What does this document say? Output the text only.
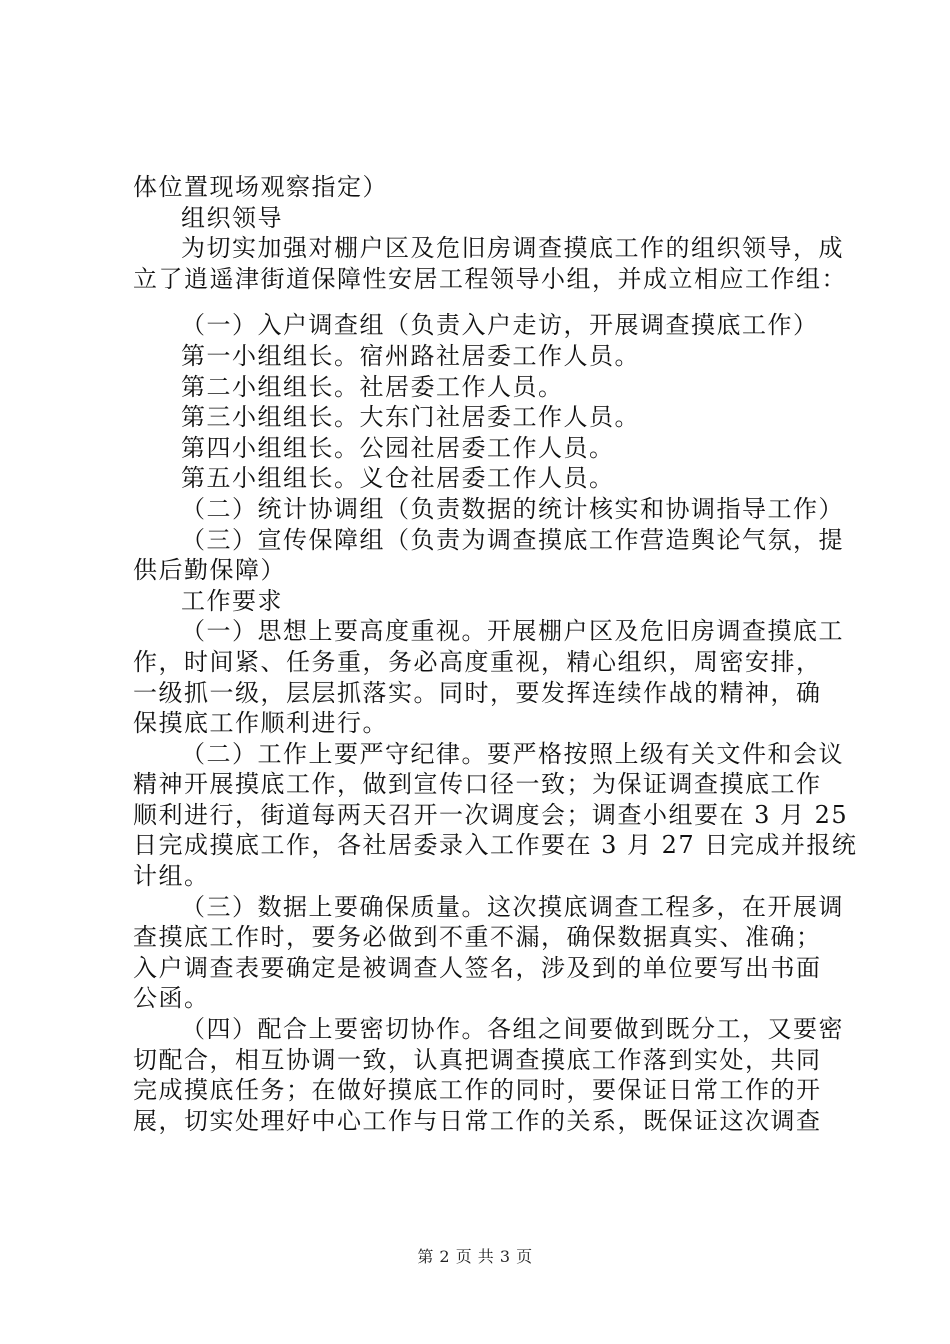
体位置现场观察指定）
组织领导
为切实加强对棚户区及危旧房调查摸底工作的组织领导，成
立了逍遥津街道保障性安居工程领导小组，并成立相应工作组：
（一）入户调查组（负责入户走访，开展调查摸底工作）
第一小组组长。宿州路社居委工作人员。
第二小组组长。社居委工作人员。
第三小组组长。大东门社居委工作人员。
第四小组组长。公园社居委工作人员。
第五小组组长。义仓社居委工作人员。
（二）统计协调组（负责数据的统计核实和协调指导工作）
（三）宣传保障组（负责为调查摸底工作营造舆论气氛，提
供后勤保障）
工作要求
（一）思想上要高度重视。开展棚户区及危旧房调查摸底工
作，时间紧、任务重，务必高度重视，精心组织，周密安排，
一级抓一级，层层抓落实。同时，要发挥连续作战的精神，确
保摸底工作顺利进行。
（二）工作上要严守纪律。要严格按照上级有关文件和会议
精神开展摸底工作，做到宣传口径一致；为保证调查摸底工作
顺利进行，街道每两天召开一次调度会；调查小组要在 3 月 25
日完成摸底工作，各社居委录入工作要在 3 月 27 日完成并报统
计组。
（三）数据上要确保质量。这次摸底调查工程多，在开展调
查摸底工作时，要务必做到不重不漏，确保数据真实、准确；
入户调查表要确定是被调查人签名，涉及到的单位要写出书面
公函。
（四）配合上要密切协作。各组之间要做到既分工，又要密
切配合，相互协调一致，认真把调查摸底工作落到实处，共同
完成摸底任务；在做好摸底工作的同时，要保证日常工作的开
展，切实处理好中心工作与日常工作的关系，既保证这次调查
第 2 页 共 3 页
